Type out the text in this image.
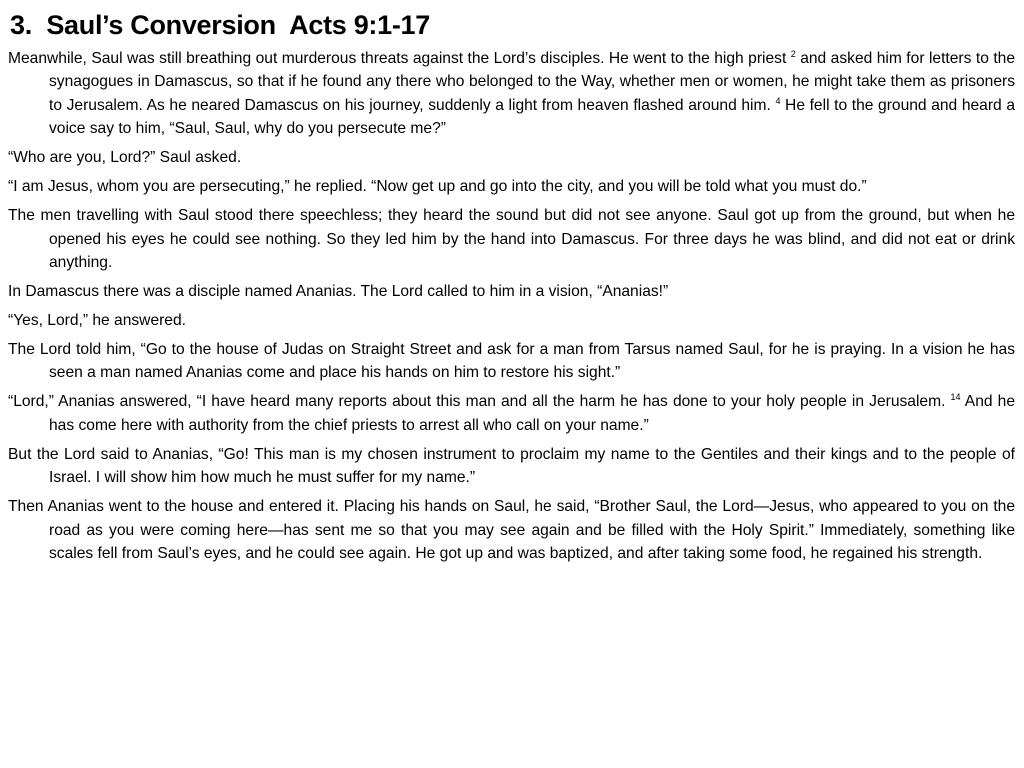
3.  Saul’s Conversion  Acts 9:1-17

Meanwhile, Saul was still breathing out murderous threats against the Lord’s disciples. He went to the high priest $^2$ and asked him for letters to the synagogues in Damascus, so that if he found any there who belonged to the Way, whether men or women, he might take them as prisoners to Jerusalem. As he neared Damascus on his journey, suddenly a light from heaven flashed around him. $^4$ He fell to the ground and heard a voice say to him, “Saul, Saul, why do you persecute me?”

“Who are you, Lord?” Saul asked.

“I am Jesus, whom you are persecuting,” he replied. “Now get up and go into the city, and you will be told what you must do.”

The men travelling with Saul stood there speechless; they heard the sound but did not see anyone. Saul got up from the ground, but when he opened his eyes he could see nothing. So they led him by the hand into Damascus. For three days he was blind, and did not eat or drink anything.

In Damascus there was a disciple named Ananias. The Lord called to him in a vision, “Ananias!”

“Yes, Lord,” he answered.

The Lord told him, “Go to the house of Judas on Straight Street and ask for a man from Tarsus named Saul, for he is praying. In a vision he has seen a man named Ananias come and place his hands on him to restore his sight.”

“Lord,” Ananias answered, “I have heard many reports about this man and all the harm he has done to your holy people in Jerusalem. $^{14}$ And he has come here with authority from the chief priests to arrest all who call on your name.”

But the Lord said to Ananias, “Go! This man is my chosen instrument to proclaim my name to the Gentiles and their kings and to the people of Israel. I will show him how much he must suffer for my name.”

Then Ananias went to the house and entered it. Placing his hands on Saul, he said, “Brother Saul, the Lord—Jesus, who appeared to you on the road as you were coming here—has sent me so that you may see again and be filled with the Holy Spirit.” Immediately, something like scales fell from Saul’s eyes, and he could see again. He got up and was baptized, and after taking some food, he regained his strength.
